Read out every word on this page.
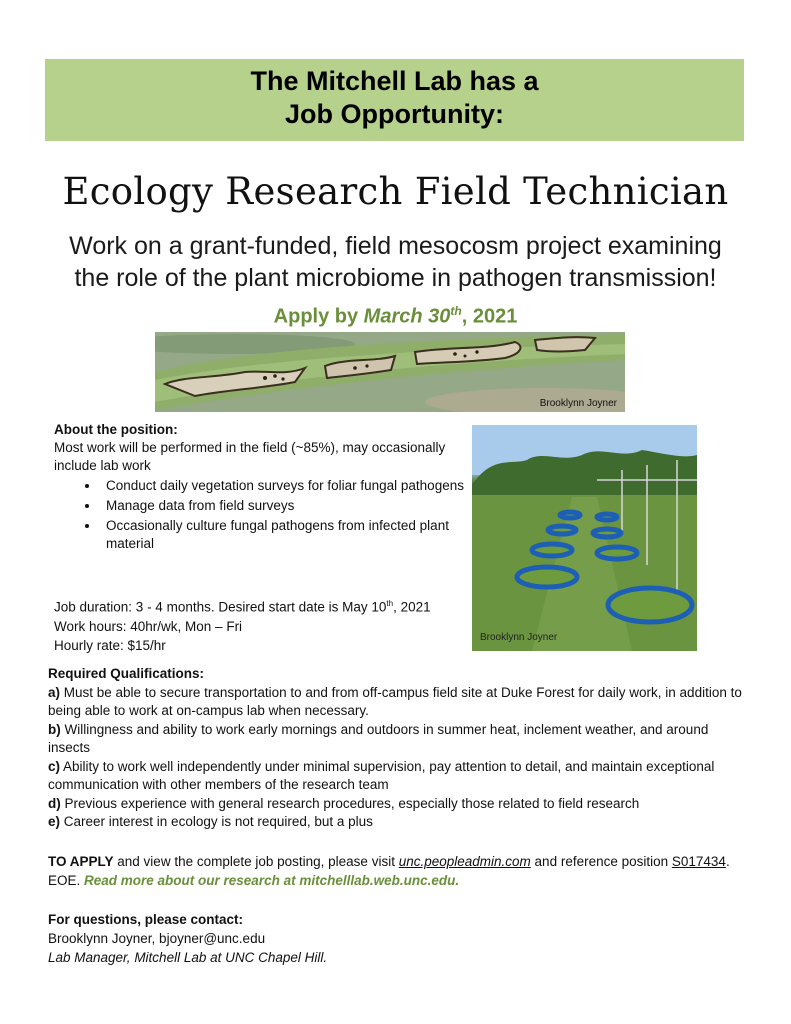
The Mitchell Lab has a
Job Opportunity:
Ecology Research Field Technician
Work on a grant-funded, field mesocosm project examining
the role of the plant microbiome in pathogen transmission!
Apply by March 30th, 2021
Brooklynn Joyner
Brooklynn Joyner
About the position:
Most work will be performed in the field (~85%), may occasionally include lab work
• Conduct daily vegetation surveys for foliar fungal pathogens
• Manage data from field surveys
• Occasionally culture fungal pathogens from infected plant material
Job duration: 3 - 4 months. Desired start date is May 10th, 2021
Work hours: 40hr/wk, Mon – Fri
Hourly rate: $15/hr
Required Qualifications:
a) Must be able to secure transportation to and from off-campus field site at Duke Forest for daily work, in addition to being able to work at on-campus lab when necessary.
b) Willingness and ability to work early mornings and outdoors in summer heat, inclement weather, and around insects
c) Ability to work well independently under minimal supervision, pay attention to detail, and maintain exceptional communication with other members of the research team
d) Previous experience with general research procedures, especially those related to field research
e) Career interest in ecology is not required, but a plus
TO APPLY and view the complete job posting, please visit unc.peopleadmin.com and reference position S017434. EOE. Read more about our research at mitchelllab.web.unc.edu.
For questions, please contact:
Brooklynn Joyner, bjoyner@unc.edu
Lab Manager, Mitchell Lab at UNC Chapel Hill.
